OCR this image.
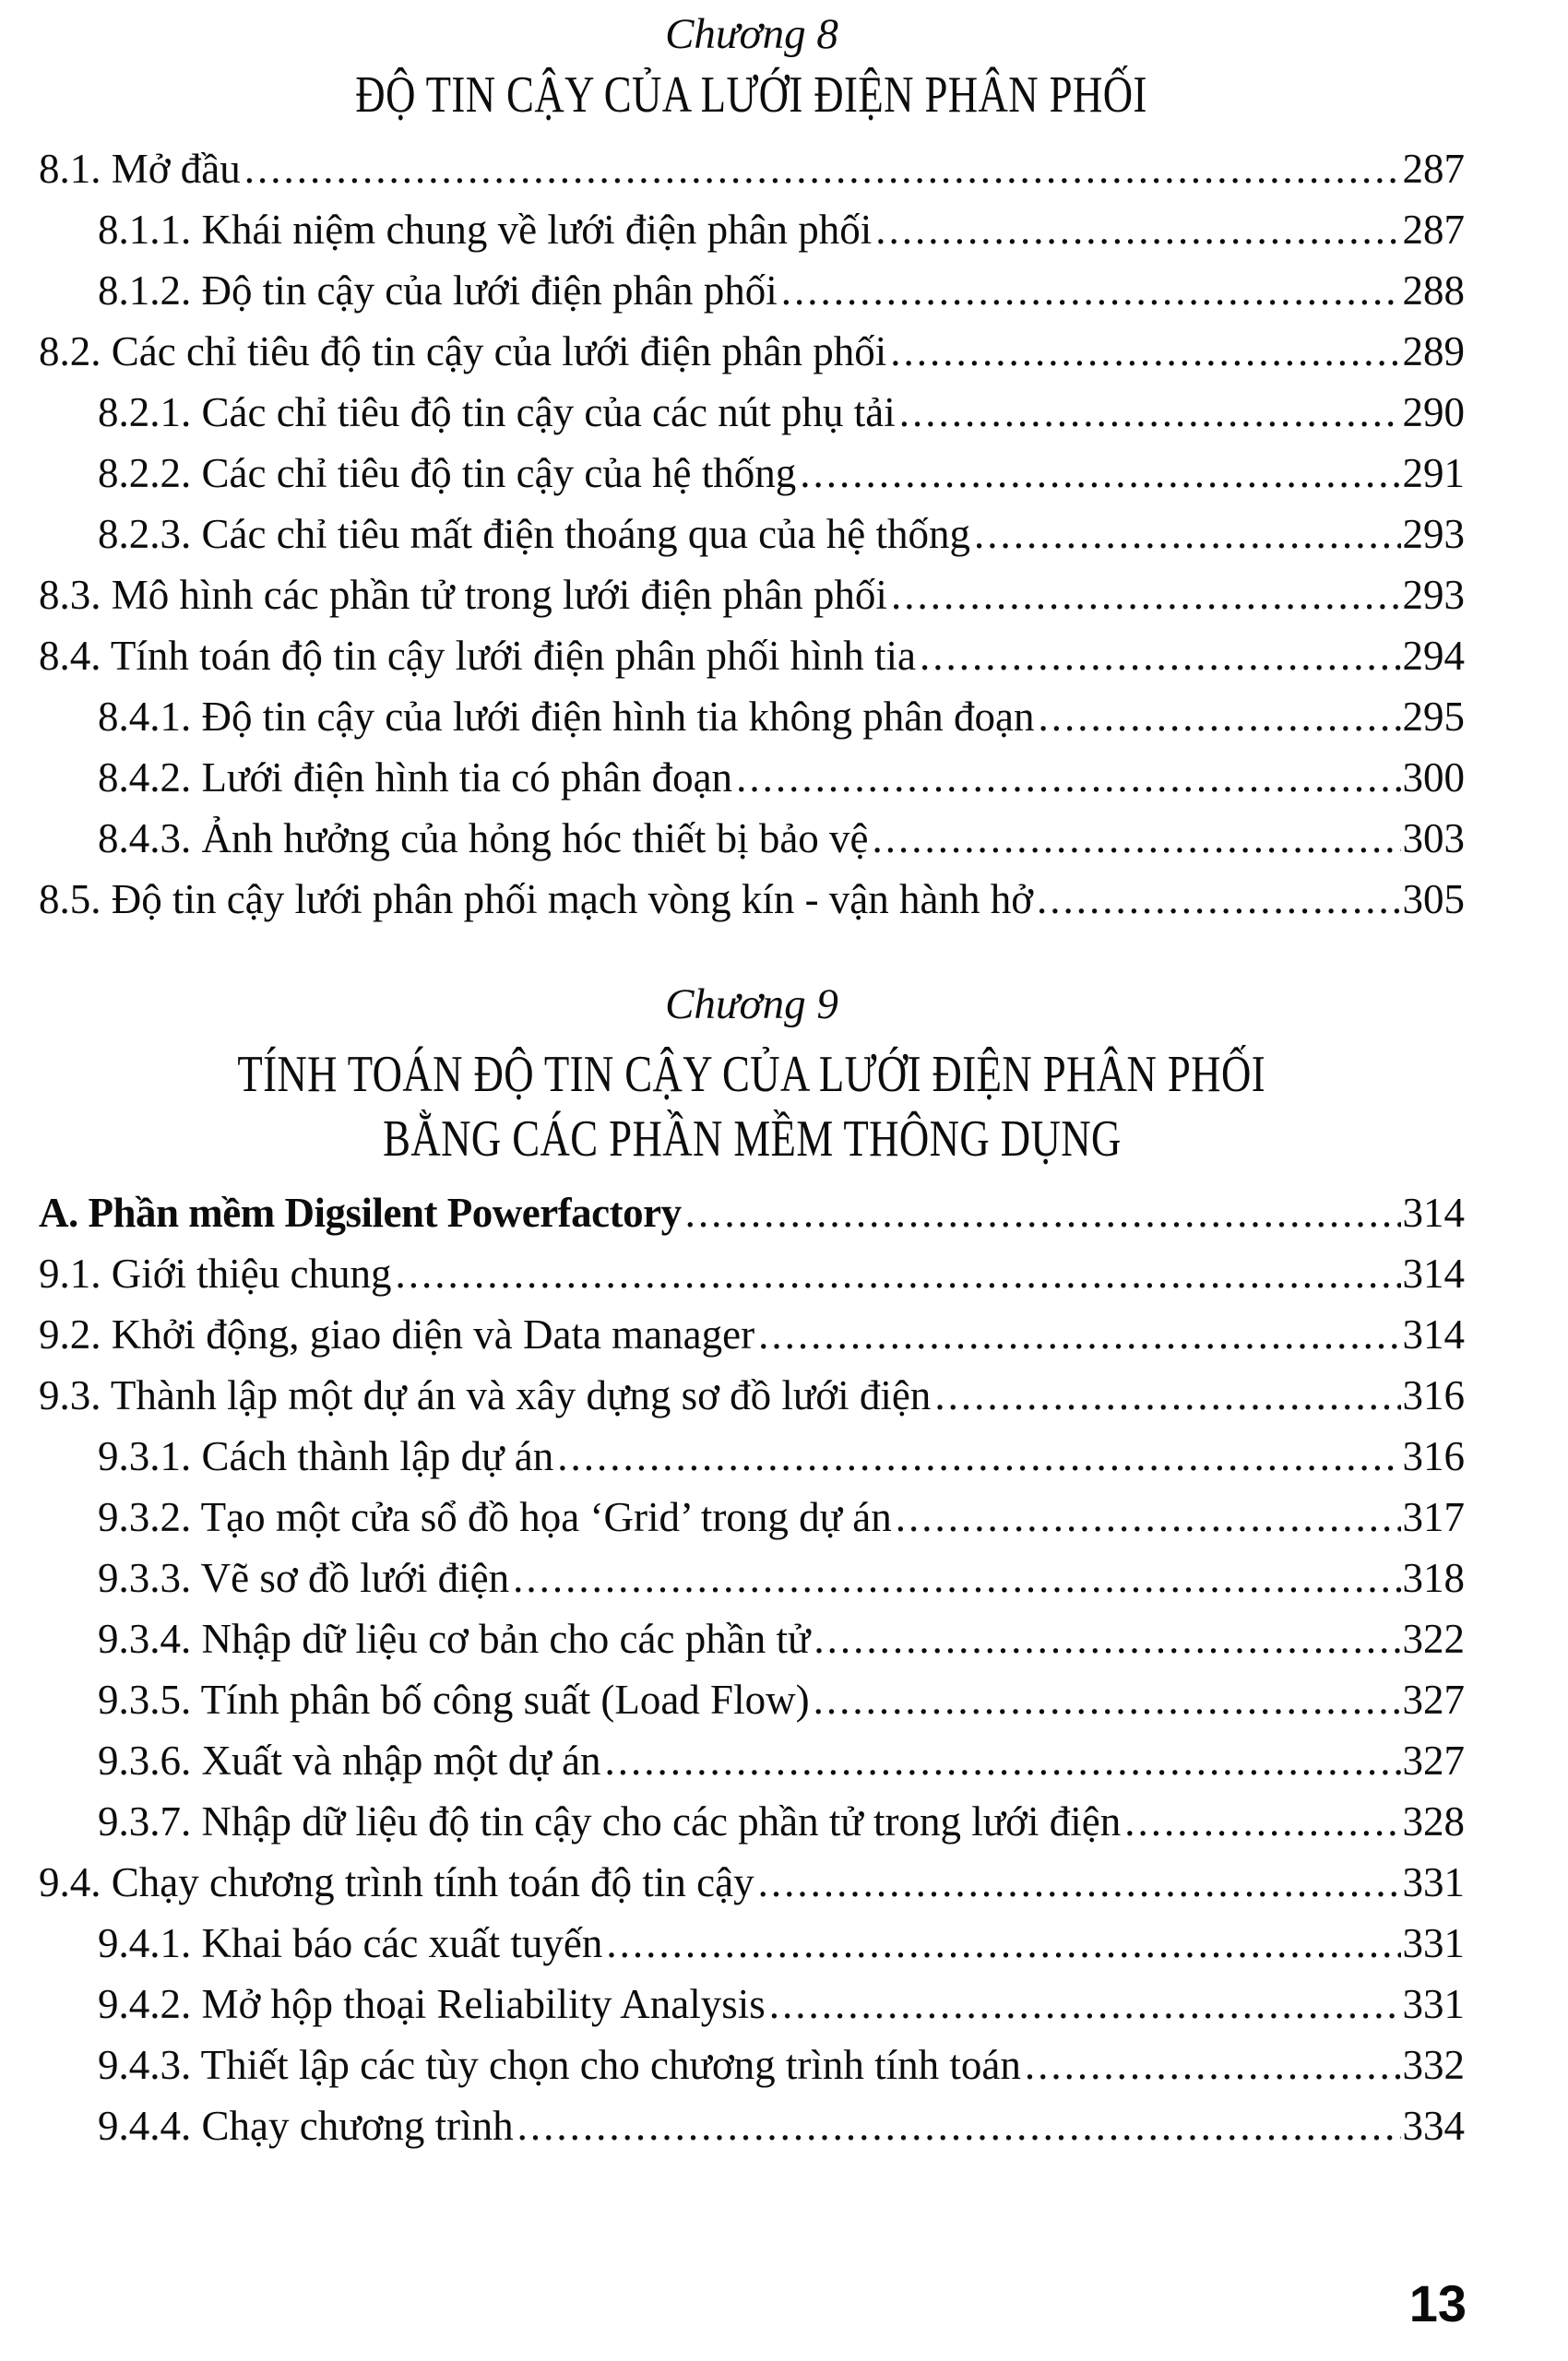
Chương 8
ĐỘ TIN CẬY CỦA LƯỚI ĐIỆN PHÂN PHỐI
8.1. Mở đầu .....	287
8.1.1. Khái niệm chung về lưới điện phân phối .....	287
8.1.2. Độ tin cậy của lưới điện phân phối .....	288
8.2. Các chỉ tiêu độ tin cậy của lưới điện phân phối .....	289
8.2.1. Các chỉ tiêu độ tin cậy của các nút phụ tải .....	290
8.2.2. Các chỉ tiêu độ tin cậy của hệ thống .....	291
8.2.3. Các chỉ tiêu mất điện thoáng qua của hệ thống .....	293
8.3. Mô hình các phần tử trong lưới điện phân phối .....	293
8.4. Tính toán độ tin cậy lưới điện phân phối hình tia .....	294
8.4.1. Độ tin cậy của lưới điện hình tia không phân đoạn .....	295
8.4.2. Lưới điện hình tia có phân đoạn .....	300
8.4.3. Ảnh hưởng của hỏng hóc thiết bị bảo vệ .....	303
8.5. Độ tin cậy lưới phân phối mạch vòng kín - vận hành hở .....	305
Chương 9
TÍNH TOÁN ĐỘ TIN CẬY CỦA LƯỚI ĐIỆN PHÂN PHỐI
BẰNG CÁC PHẦN MỀM THÔNG DỤNG
A. Phần mềm Digsilent Powerfactory .....	314
9.1. Giới thiệu chung .....	314
9.2. Khởi động, giao diện và Data manager .....	314
9.3. Thành lập một dự án và xây dựng sơ đồ lưới điện .....	316
9.3.1. Cách thành lập dự án .....	316
9.3.2. Tạo một cửa sổ đồ họa ‘Grid’ trong dự án .....	317
9.3.3. Vẽ sơ đồ lưới điện .....	318
9.3.4. Nhập dữ liệu cơ bản cho các phần tử .....	322
9.3.5. Tính phân bố công suất (Load Flow) .....	327
9.3.6. Xuất và nhập một dự án .....	327
9.3.7. Nhập dữ liệu độ tin cậy cho các phần tử trong lưới điện .....	328
9.4. Chạy chương trình tính toán độ tin cậy .....	331
9.4.1. Khai báo các xuất tuyến .....	331
9.4.2. Mở hộp thoại Reliability Analysis .....	331
9.4.3. Thiết lập các tùy chọn cho chương trình tính toán .....	332
9.4.4. Chạy chương trình .....	334
13
